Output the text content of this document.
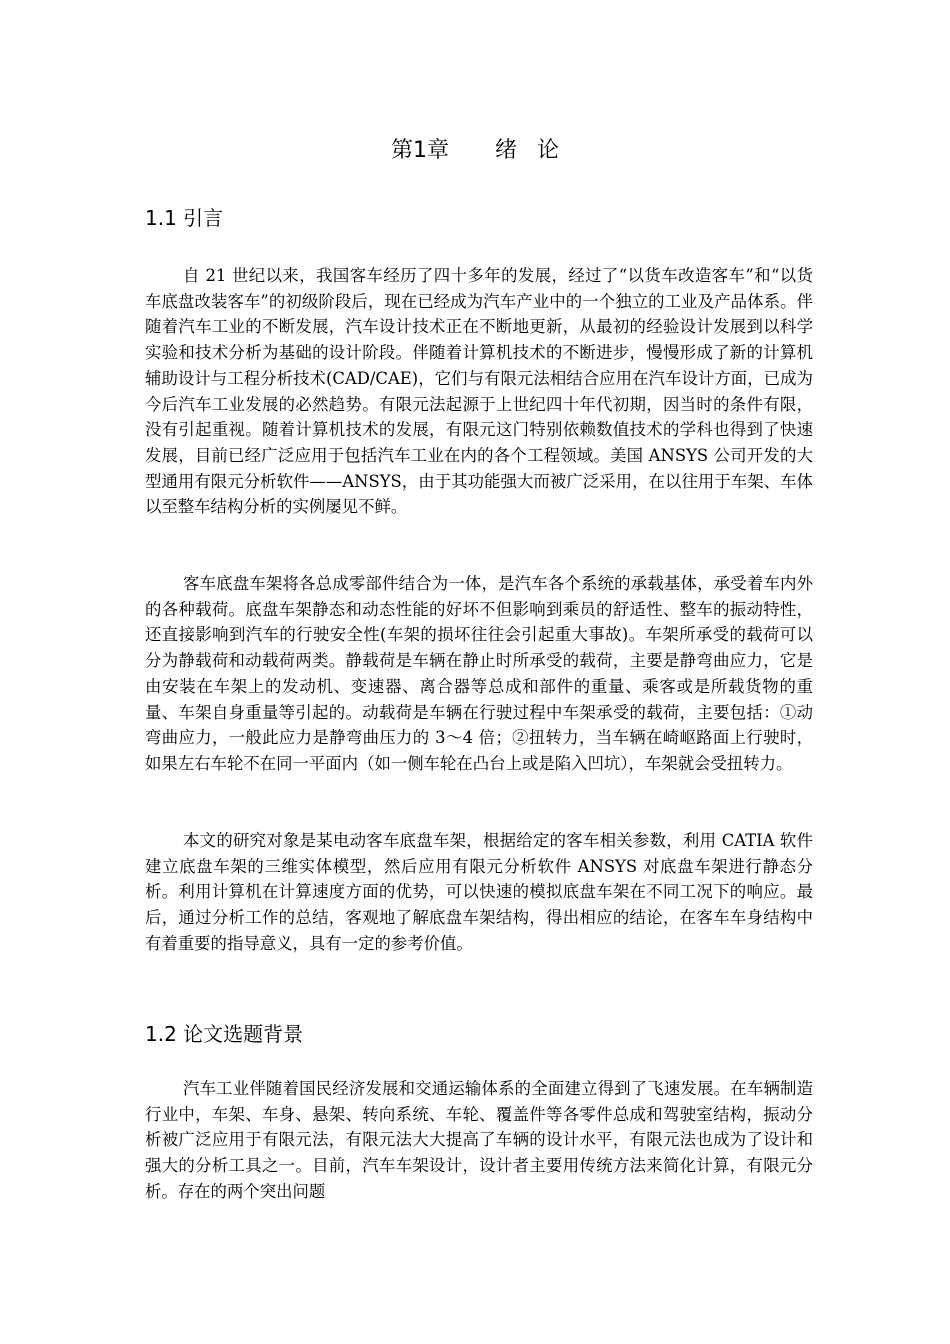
第1章 绪 论
1.1 引言

自 21 世纪以来，我国客车经历了四十多年的发展，经过了“以货车改造客车”和“以货车底盘改装客车”的初级阶段后，现在已经成为汽车产业中的一个独立的工业及产品体系。伴随着汽车工业的不断发展，汽车设计技术正在不断地更新，从最初的经验设计发展到以科学实验和技术分析为基础的设计阶段。伴随着计算机技术的不断进步，慢慢形成了新的计算机辅助设计与工程分析技术(CAD/CAE)，它们与有限元法相结合应用在汽车设计方面，已成为今后汽车工业发展的必然趋势。有限元法起源于上世纪四十年代初期，因当时的条件有限，没有引起重视。随着计算机技术的发展，有限元这门特别依赖数值技术的学科也得到了快速发展，目前已经广泛应用于包括汽车工业在内的各个工程领域。美国 ANSYS 公司开发的大型通用有限元分析软件——ANSYS，由于其功能强大而被广泛采用，在以往用于车架、车体以至整车结构分析的实例屡见不鲜。

客车底盘车架将各总成零部件结合为一体，是汽车各个系统的承载基体，承受着车内外的各种载荷。底盘车架静态和动态性能的好坏不但影响到乘员的舒适性、整车的振动特性，还直接影响到汽车的行驶安全性(车架的损坏往往会引起重大事故)。车架所承受的载荷可以分为静载荷和动载荷两类。静载荷是车辆在静止时所承受的载荷，主要是静弯曲应力，它是由安装在车架上的发动机、变速器、离合器等总成和部件的重量、乘客或是所载货物的重量、车架自身重量等引起的。动载荷是车辆在行驶过程中车架承受的载荷，主要包括：①动弯曲应力，一般此应力是静弯曲压力的 3～4 倍；②扭转力，当车辆在崎岖路面上行驶时，如果左右车轮不在同一平面内（如一侧车轮在凸台上或是陷入凹坑），车架就会受扭转力。

本文的研究对象是某电动客车底盘车架，根据给定的客车相关参数，利用 CATIA 软件建立底盘车架的三维实体模型，然后应用有限元分析软件 ANSYS 对底盘车架进行静态分析。利用计算机在计算速度方面的优势，可以快速的模拟底盘车架在不同工况下的响应。最后，通过分析工作的总结，客观地了解底盘车架结构，得出相应的结论，在客车车身结构中有着重要的指导意义，具有一定的参考价值。

1.2 论文选题背景

汽车工业伴随着国民经济发展和交通运输体系的全面建立得到了飞速发展。在车辆制造行业中，车架、车身、悬架、转向系统、车轮、覆盖件等各零件总成和驾驶室结构，振动分析被广泛应用于有限元法，有限元法大大提高了车辆的设计水平，有限元法也成为了设计和强大的分析工具之一。目前，汽车车架设计，设计者主要用传统方法来简化计算，有限元分析。存在的两个突出问题
